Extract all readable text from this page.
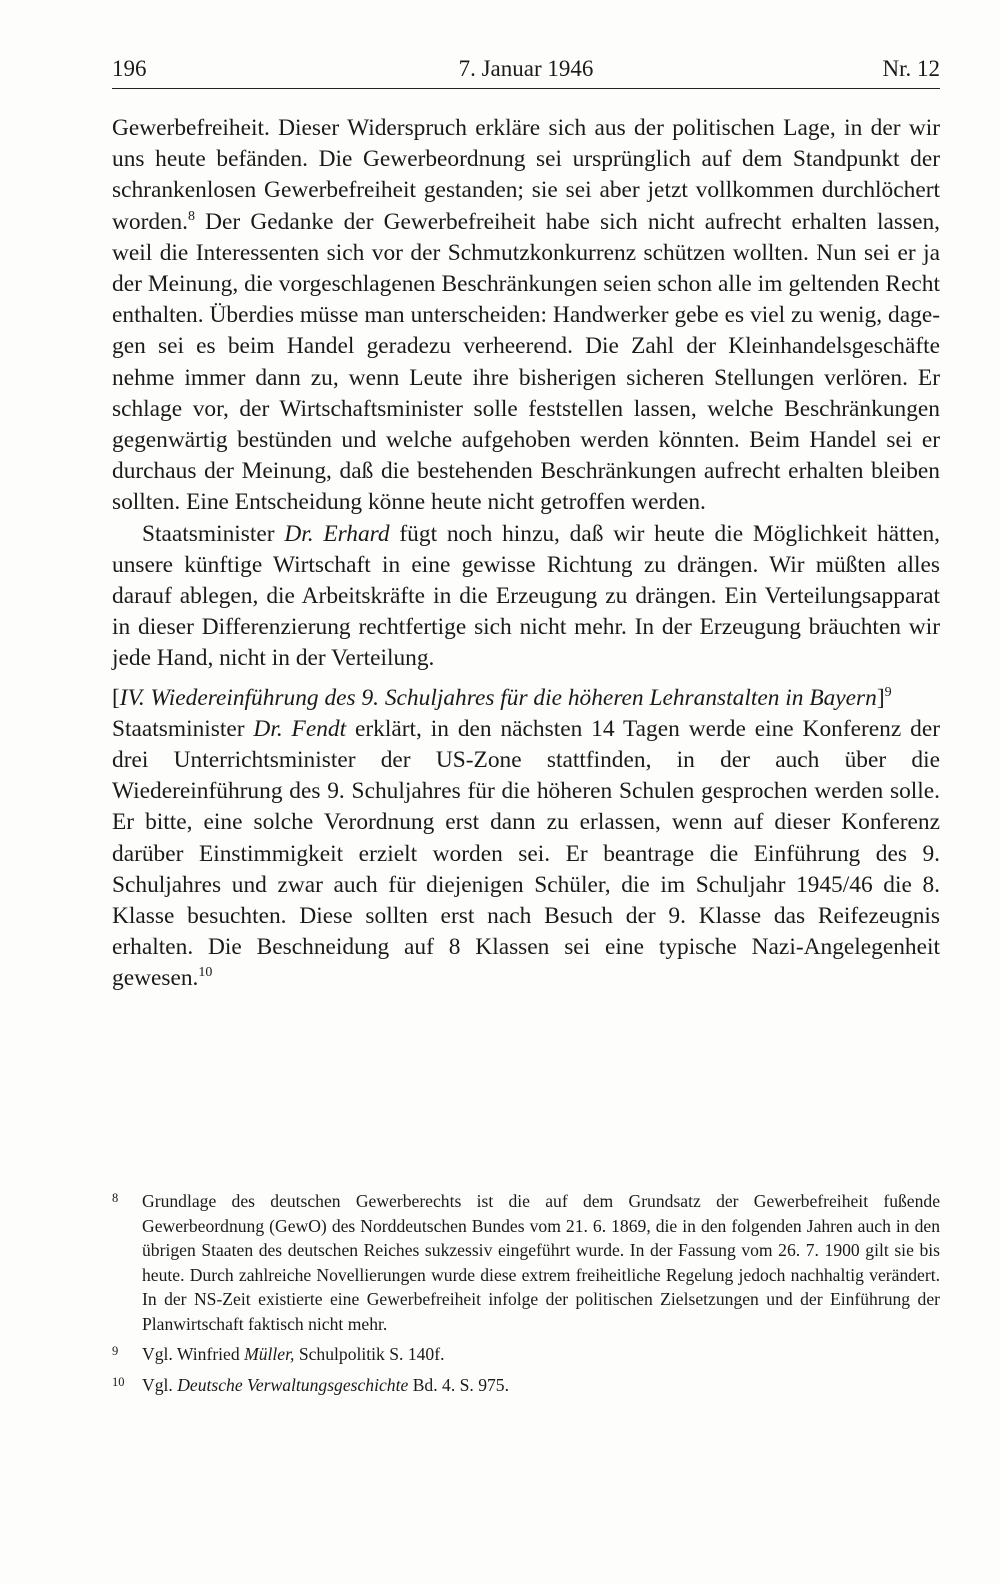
196	7. Januar 1946	Nr. 12

Gewerbefreiheit. Dieser Widerspruch erkläre sich aus der politischen Lage, in der wir uns heute befänden. Die Gewerbeordnung sei ursprünglich auf dem Standpunkt der schrankenlosen Gewerbefreiheit gestanden; sie sei aber jetzt vollkommen durchlöchert worden.$^8$ Der Gedanke der Gewerbefreiheit habe sich nicht aufrecht erhalten lassen, weil die Interessenten sich vor der Schmutzkonkurrenz schützen wollten. Nun sei er ja der Meinung, die vorgeschlagenen Beschränkungen seien schon alle im geltenden Recht enthalten. Überdies müsse man unterscheiden: Handwerker gebe es viel zu wenig, dagegen sei es beim Handel geradezu verheerend. Die Zahl der Kleinhandelsgeschäfte nehme immer dann zu, wenn Leute ihre bisherigen sicheren Stellungen verlören. Er schlage vor, der Wirtschaftsminister solle feststellen lassen, welche Beschränkungen gegenwärtig bestünden und welche aufgehoben werden könnten. Beim Handel sei er durchaus der Meinung, daß die bestehenden Beschränkungen aufrecht erhalten bleiben sollten. Eine Entscheidung könne heute nicht getroffen werden.

Staatsminister Dr. Erhard fügt noch hinzu, daß wir heute die Möglichkeit hätten, unsere künftige Wirtschaft in eine gewisse Richtung zu drängen. Wir müßten alles darauf ablegen, die Arbeitskräfte in die Erzeugung zu drängen. Ein Verteilungsapparat in dieser Differenzierung rechtfertige sich nicht mehr. In der Erzeugung bräuchten wir jede Hand, nicht in der Verteilung.

[IV. Wiedereinführung des 9. Schuljahres für die höheren Lehranstalten in Bayern]$^9$

Staatsminister Dr. Fendt erklärt, in den nächsten 14 Tagen werde eine Konferenz der drei Unterrichtsminister der US-Zone stattfinden, in der auch über die Wiedereinführung des 9. Schuljahres für die höheren Schulen gesprochen werden solle. Er bitte, eine solche Verordnung erst dann zu erlassen, wenn auf dieser Konferenz darüber Einstimmigkeit erzielt worden sei. Er beantrage die Einführung des 9. Schuljahres und zwar auch für diejenigen Schüler, die im Schuljahr 1945/46 die 8. Klasse besuchten. Diese sollten erst nach Besuch der 9. Klasse das Reifezeugnis erhalten. Die Beschneidung auf 8 Klassen sei eine typische Nazi-Angelegenheit gewesen.$^{10}$

8 Grundlage des deutschen Gewerberechts ist die auf dem Grundsatz der Gewerbefreiheit fußende Gewerbeordnung (GewO) des Norddeutschen Bundes vom 21. 6. 1869, die in den folgenden Jahren auch in den übrigen Staaten des deutschen Reiches sukzessiv eingeführt wurde. In der Fassung vom 26. 7. 1900 gilt sie bis heute. Durch zahlreiche Novellierungen wurde diese extrem freiheitliche Regelung jedoch nachhaltig verändert. In der NS-Zeit existierte eine Gewerbefreiheit infolge der politischen Zielsetzungen und der Einführung der Planwirtschaft faktisch nicht mehr.

9 Vgl. Winfried Müller, Schulpolitik S. 140f.

10 Vgl. Deutsche Verwaltungsgeschichte Bd. 4. S. 975.
